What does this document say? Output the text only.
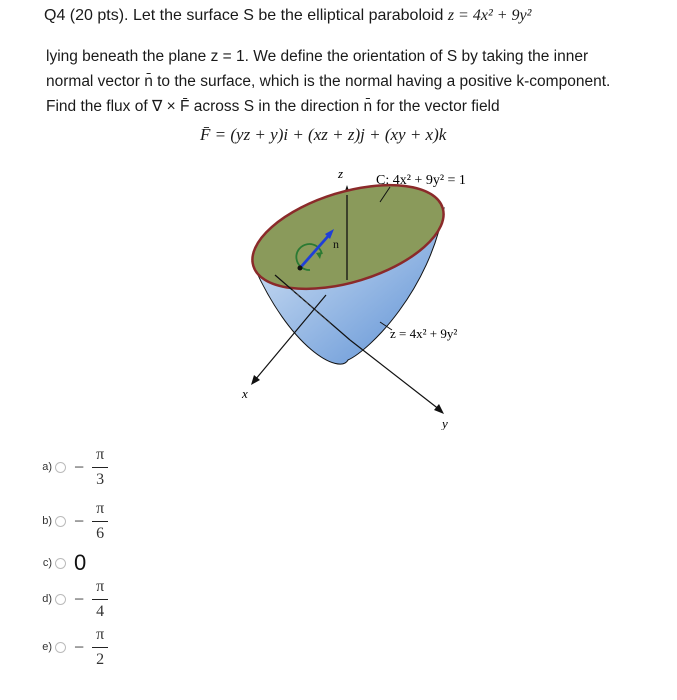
Q4 (20 pts). Let the surface S be the elliptical paraboloid z = 4x² + 9y²
lying beneath the plane z = 1. We define the orientation of S by taking the inner
normal vector n̄ to the surface, which is the normal having a positive k-component.
Find the flux of ∇ × F̄ across S in the direction n̄ for the vector field
F̄ = (yz + y)i + (xz + z)j + (xy + x)k
z C: 4x² + 9y² = 1
n
z = 4x² + 9y²
x
y
$a) - \frac{\pi}{3}$
$b) - \frac{\pi}{6}$
c) 0
$d) - \frac{\pi}{4}$
$e) - \frac{\pi}{2}$
